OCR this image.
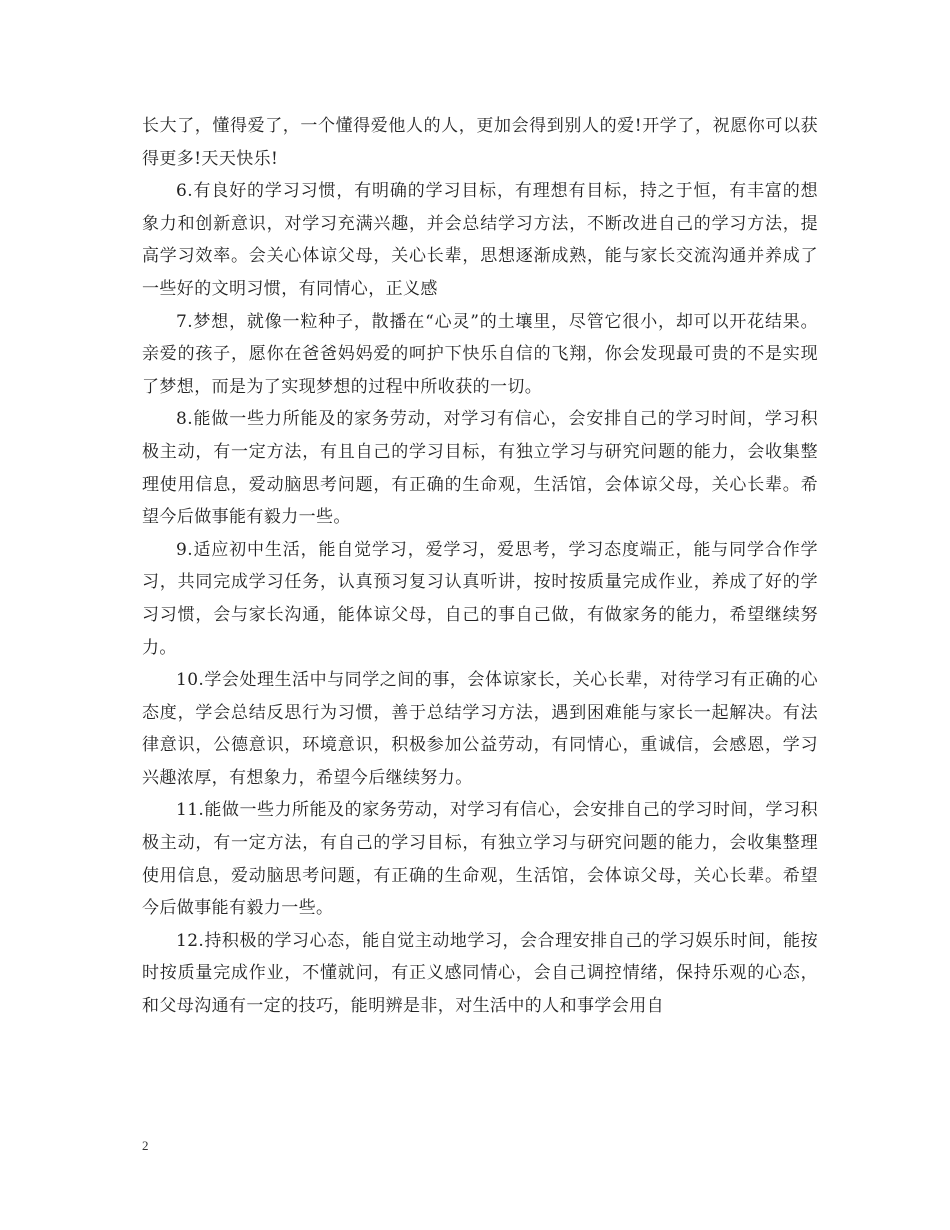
长大了，懂得爱了，一个懂得爱他人的人，更加会得到别人的爱!开学了，祝愿你可以获得更多!天天快乐!

6.有良好的学习习惯，有明确的学习目标，有理想有目标，持之于恒，有丰富的想象力和创新意识，对学习充满兴趣，并会总结学习方法，不断改进自己的学习方法，提高学习效率。会关心体谅父母，关心长辈，思想逐渐成熟，能与家长交流沟通并养成了一些好的文明习惯，有同情心，正义感

7.梦想，就像一粒种子，散播在“心灵”的土壤里，尽管它很小，却可以开花结果。亲爱的孩子，愿你在爸爸妈妈爱的呵护下快乐自信的飞翔，你会发现最可贵的不是实现了梦想，而是为了实现梦想的过程中所收获的一切。

8.能做一些力所能及的家务劳动，对学习有信心，会安排自己的学习时间，学习积极主动，有一定方法，有且自己的学习目标，有独立学习与研究问题的能力，会收集整理使用信息，爱动脑思考问题，有正确的生命观，生活馆，会体谅父母，关心长辈。希望今后做事能有毅力一些。

9.适应初中生活，能自觉学习，爱学习，爱思考，学习态度端正，能与同学合作学习，共同完成学习任务，认真预习复习认真听讲，按时按质量完成作业，养成了好的学习习惯，会与家长沟通，能体谅父母，自己的事自己做，有做家务的能力，希望继续努力。

10.学会处理生活中与同学之间的事，会体谅家长，关心长辈，对待学习有正确的心态度，学会总结反思行为习惯，善于总结学习方法，遇到困难能与家长一起解决。有法律意识，公德意识，环境意识，积极参加公益劳动，有同情心，重诚信，会感恩，学习兴趣浓厚，有想象力，希望今后继续努力。

11.能做一些力所能及的家务劳动，对学习有信心，会安排自己的学习时间，学习积极主动，有一定方法，有自己的学习目标，有独立学习与研究问题的能力，会收集整理使用信息，爱动脑思考问题，有正确的生命观，生活馆，会体谅父母，关心长辈。希望今后做事能有毅力一些。

12.持积极的学习心态，能自觉主动地学习，会合理安排自己的学习娱乐时间，能按时按质量完成作业，不懂就问，有正义感同情心，会自己调控情绪，保持乐观的心态，和父母沟通有一定的技巧，能明辨是非，对生活中的人和事学会用自

2
